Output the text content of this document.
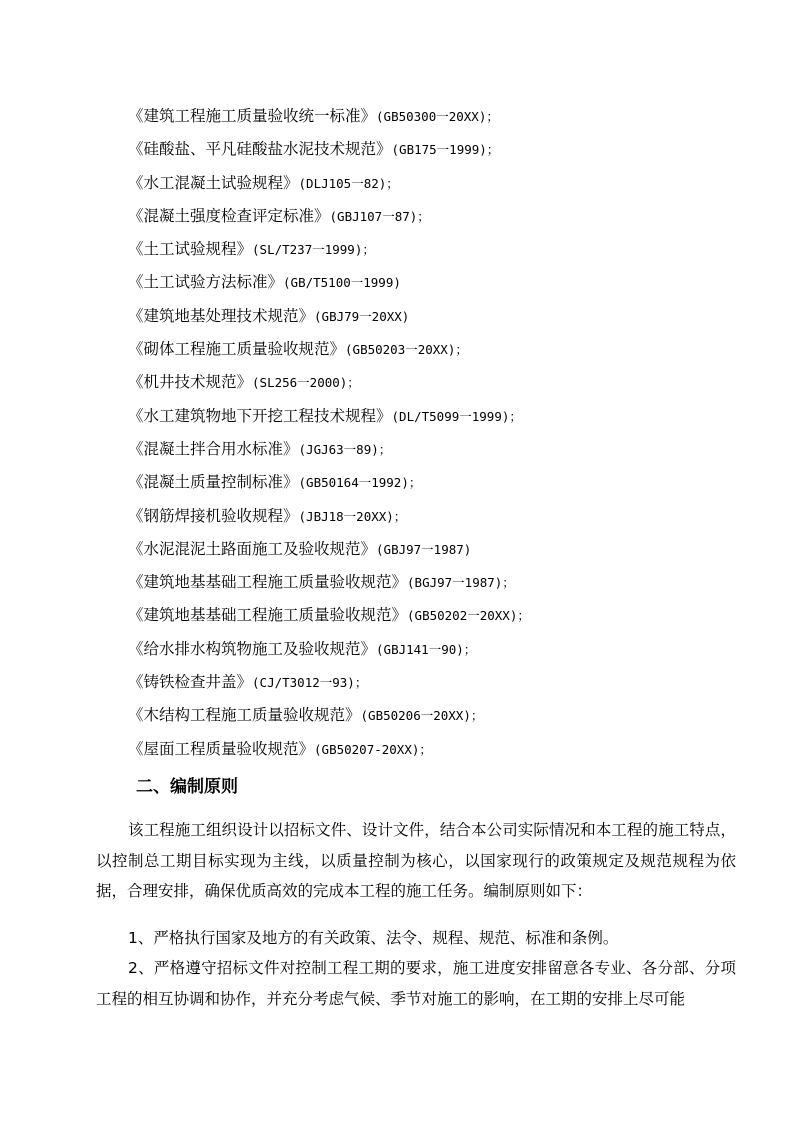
《建筑工程施工质量验收统一标准》(GB50300一20XX)；
《硅酸盐、平凡硅酸盐水泥技术规范》(GB175一1999)；
《水工混凝土试验规程》(DLJ105一82)；
《混凝土强度检查评定标准》(GBJ107一87)；
《土工试验规程》(SL/T237一1999)；
《土工试验方法标准》(GB/T5100一1999)
《建筑地基处理技术规范》(GBJ79一20XX)
《砌体工程施工质量验收规范》(GB50203一20XX)；
《机井技术规范》(SL256一2000)；
《水工建筑物地下开挖工程技术规程》(DL/T5099一1999)；
《混凝土拌合用水标准》(JGJ63一89)；
《混凝土质量控制标准》(GB50164一1992)；
《钢筋焊接机验收规程》(JBJ18一20XX)；
《水泥混泥土路面施工及验收规范》(GBJ97一1987)
《建筑地基基础工程施工质量验收规范》(BGJ97一1987)；
《建筑地基基础工程施工质量验收规范》(GB50202一20XX)；
《给水排水构筑物施工及验收规范》(GBJ141一90)；
《铸铁检查井盖》(CJ/T3012一93)；
《木结构工程施工质量验收规范》(GB50206一20XX)；
《屋面工程质量验收规范》(GB50207-20XX)；
二、编制原则

该工程施工组织设计以招标文件、设计文件，结合本公司实际情况和本工程的施工特点，以控制总工期目标实现为主线，以质量控制为核心，以国家现行的政策规定及规范规程为依据，合理安排，确保优质高效的完成本工程的施工任务。编制原则如下：

1、严格执行国家及地方的有关政策、法令、规程、规范、标准和条例。

2、严格遵守招标文件对控制工程工期的要求，施工进度安排留意各专业、各分部、分项工程的相互协调和协作，并充分考虑气候、季节对施工的影响，在工期的安排上尽可能
